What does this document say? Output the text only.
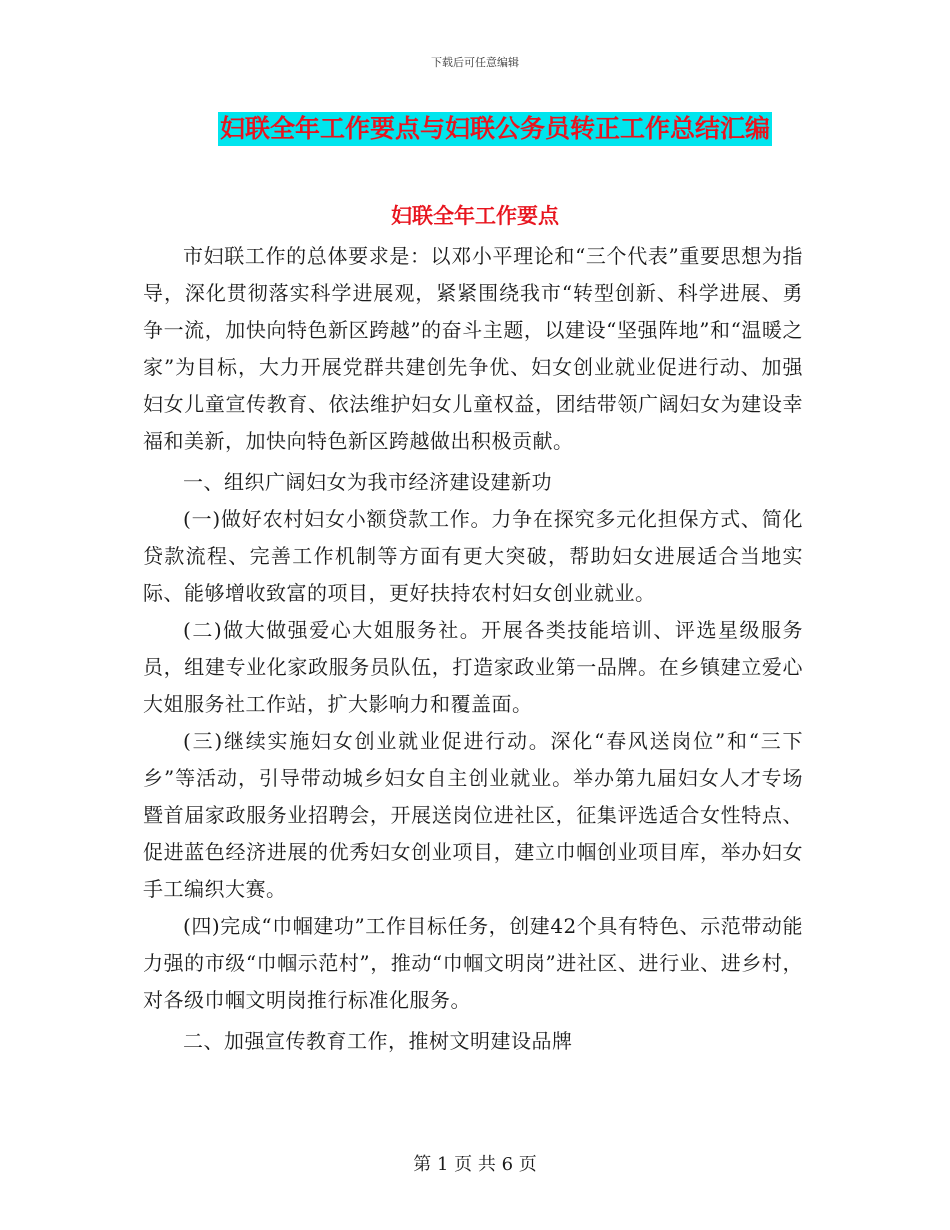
下载后可任意编辑
妇联全年工作要点与妇联公务员转正工作总结汇编
妇联全年工作要点

市妇联工作的总体要求是：以邓小平理论和“三个代表”重要思想为指导，深化贯彻落实科学进展观，紧紧围绕我市“转型创新、科学进展、勇争一流，加快向特色新区跨越”的奋斗主题，以建设“坚强阵地”和“温暖之家”为目标，大力开展党群共建创先争优、妇女创业就业促进行动、加强妇女儿童宣传教育、依法维护妇女儿童权益，团结带领广阔妇女为建设幸福和美新，加快向特色新区跨越做出积极贡献。

一、组织广阔妇女为我市经济建设建新功

(一)做好农村妇女小额贷款工作。力争在探究多元化担保方式、简化贷款流程、完善工作机制等方面有更大突破，帮助妇女进展适合当地实际、能够增收致富的项目，更好扶持农村妇女创业就业。

(二)做大做强爱心大姐服务社。开展各类技能培训、评选星级服务员，组建专业化家政服务员队伍，打造家政业第一品牌。在乡镇建立爱心大姐服务社工作站，扩大影响力和覆盖面。

(三)继续实施妇女创业就业促进行动。深化“春风送岗位”和“三下乡”等活动，引导带动城乡妇女自主创业就业。举办第九届妇女人才专场暨首届家政服务业招聘会，开展送岗位进社区，征集评选适合女性特点、促进蓝色经济进展的优秀妇女创业项目，建立巾帼创业项目库，举办妇女手工编织大赛。

(四)完成“巾帼建功”工作目标任务，创建42个具有特色、示范带动能力强的市级“巾帼示范村”，推动“巾帼文明岗”进社区、进行业、进乡村，对各级巾帼文明岗推行标准化服务。

二、加强宣传教育工作，推树文明建设品牌

第 1 页 共 6 页
